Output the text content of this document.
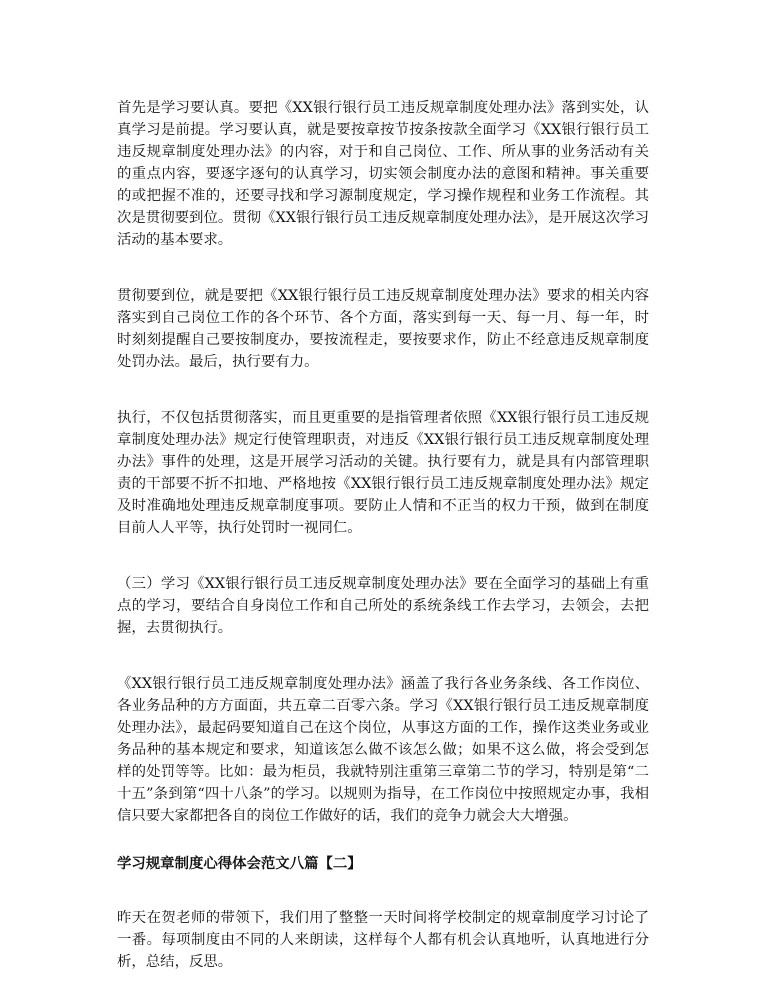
首先是学习要认真。要把《XX银行银行员工违反规章制度处理办法》落到实处，认真学习是前提。学习要认真，就是要按章按节按条按款全面学习《XX银行银行员工违反规章制度处理办法》的内容，对于和自己岗位、工作、所从事的业务活动有关的重点内容，要逐字逐句的认真学习，切实领会制度办法的意图和精神。事关重要的或把握不准的，还要寻找和学习源制度规定，学习操作规程和业务工作流程。其次是贯彻要到位。贯彻《XX银行银行员工违反规章制度处理办法》，是开展这次学习活动的基本要求。

贯彻要到位，就是要把《XX银行银行员工违反规章制度处理办法》要求的相关内容落实到自己岗位工作的各个环节、各个方面，落实到每一天、每一月、每一年，时时刻刻提醒自己要按制度办，要按流程走，要按要求作，防止不经意违反规章制度处罚办法。最后，执行要有力。

执行，不仅包括贯彻落实，而且更重要的是指管理者依照《XX银行银行员工违反规章制度处理办法》规定行使管理职责，对违反《XX银行银行员工违反规章制度处理办法》事件的处理，这是开展学习活动的关键。执行要有力，就是具有内部管理职责的干部要不折不扣地、严格地按《XX银行银行员工违反规章制度处理办法》规定及时准确地处理违反规章制度事项。要防止人情和不正当的权力干预，做到在制度目前人人平等，执行处罚时一视同仁。

（三）学习《XX银行银行员工违反规章制度处理办法》要在全面学习的基础上有重点的学习，要结合自身岗位工作和自己所处的系统条线工作去学习，去领会，去把握，去贯彻执行。

《XX银行银行员工违反规章制度处理办法》涵盖了我行各业务条线、各工作岗位、各业务品种的方方面面，共五章二百零六条。学习《XX银行银行员工违反规章制度处理办法》，最起码要知道自己在这个岗位，从事这方面的工作，操作这类业务或业务品种的基本规定和要求，知道该怎么做不该怎么做；如果不这么做，将会受到怎样的处罚等等。比如：最为柜员，我就特别注重第三章第二节的学习，特别是第“二十五”条到第“四十八条”的学习。以规则为指导，在工作岗位中按照规定办事，我相信只要大家都把各自的岗位工作做好的话，我们的竞争力就会大大增强。

学习规章制度心得体会范文八篇【二】

昨天在贺老师的带领下，我们用了整整一天时间将学校制定的规章制度学习讨论了一番。每项制度由不同的人来朗读，这样每个人都有机会认真地听，认真地进行分析，总结，反思。
